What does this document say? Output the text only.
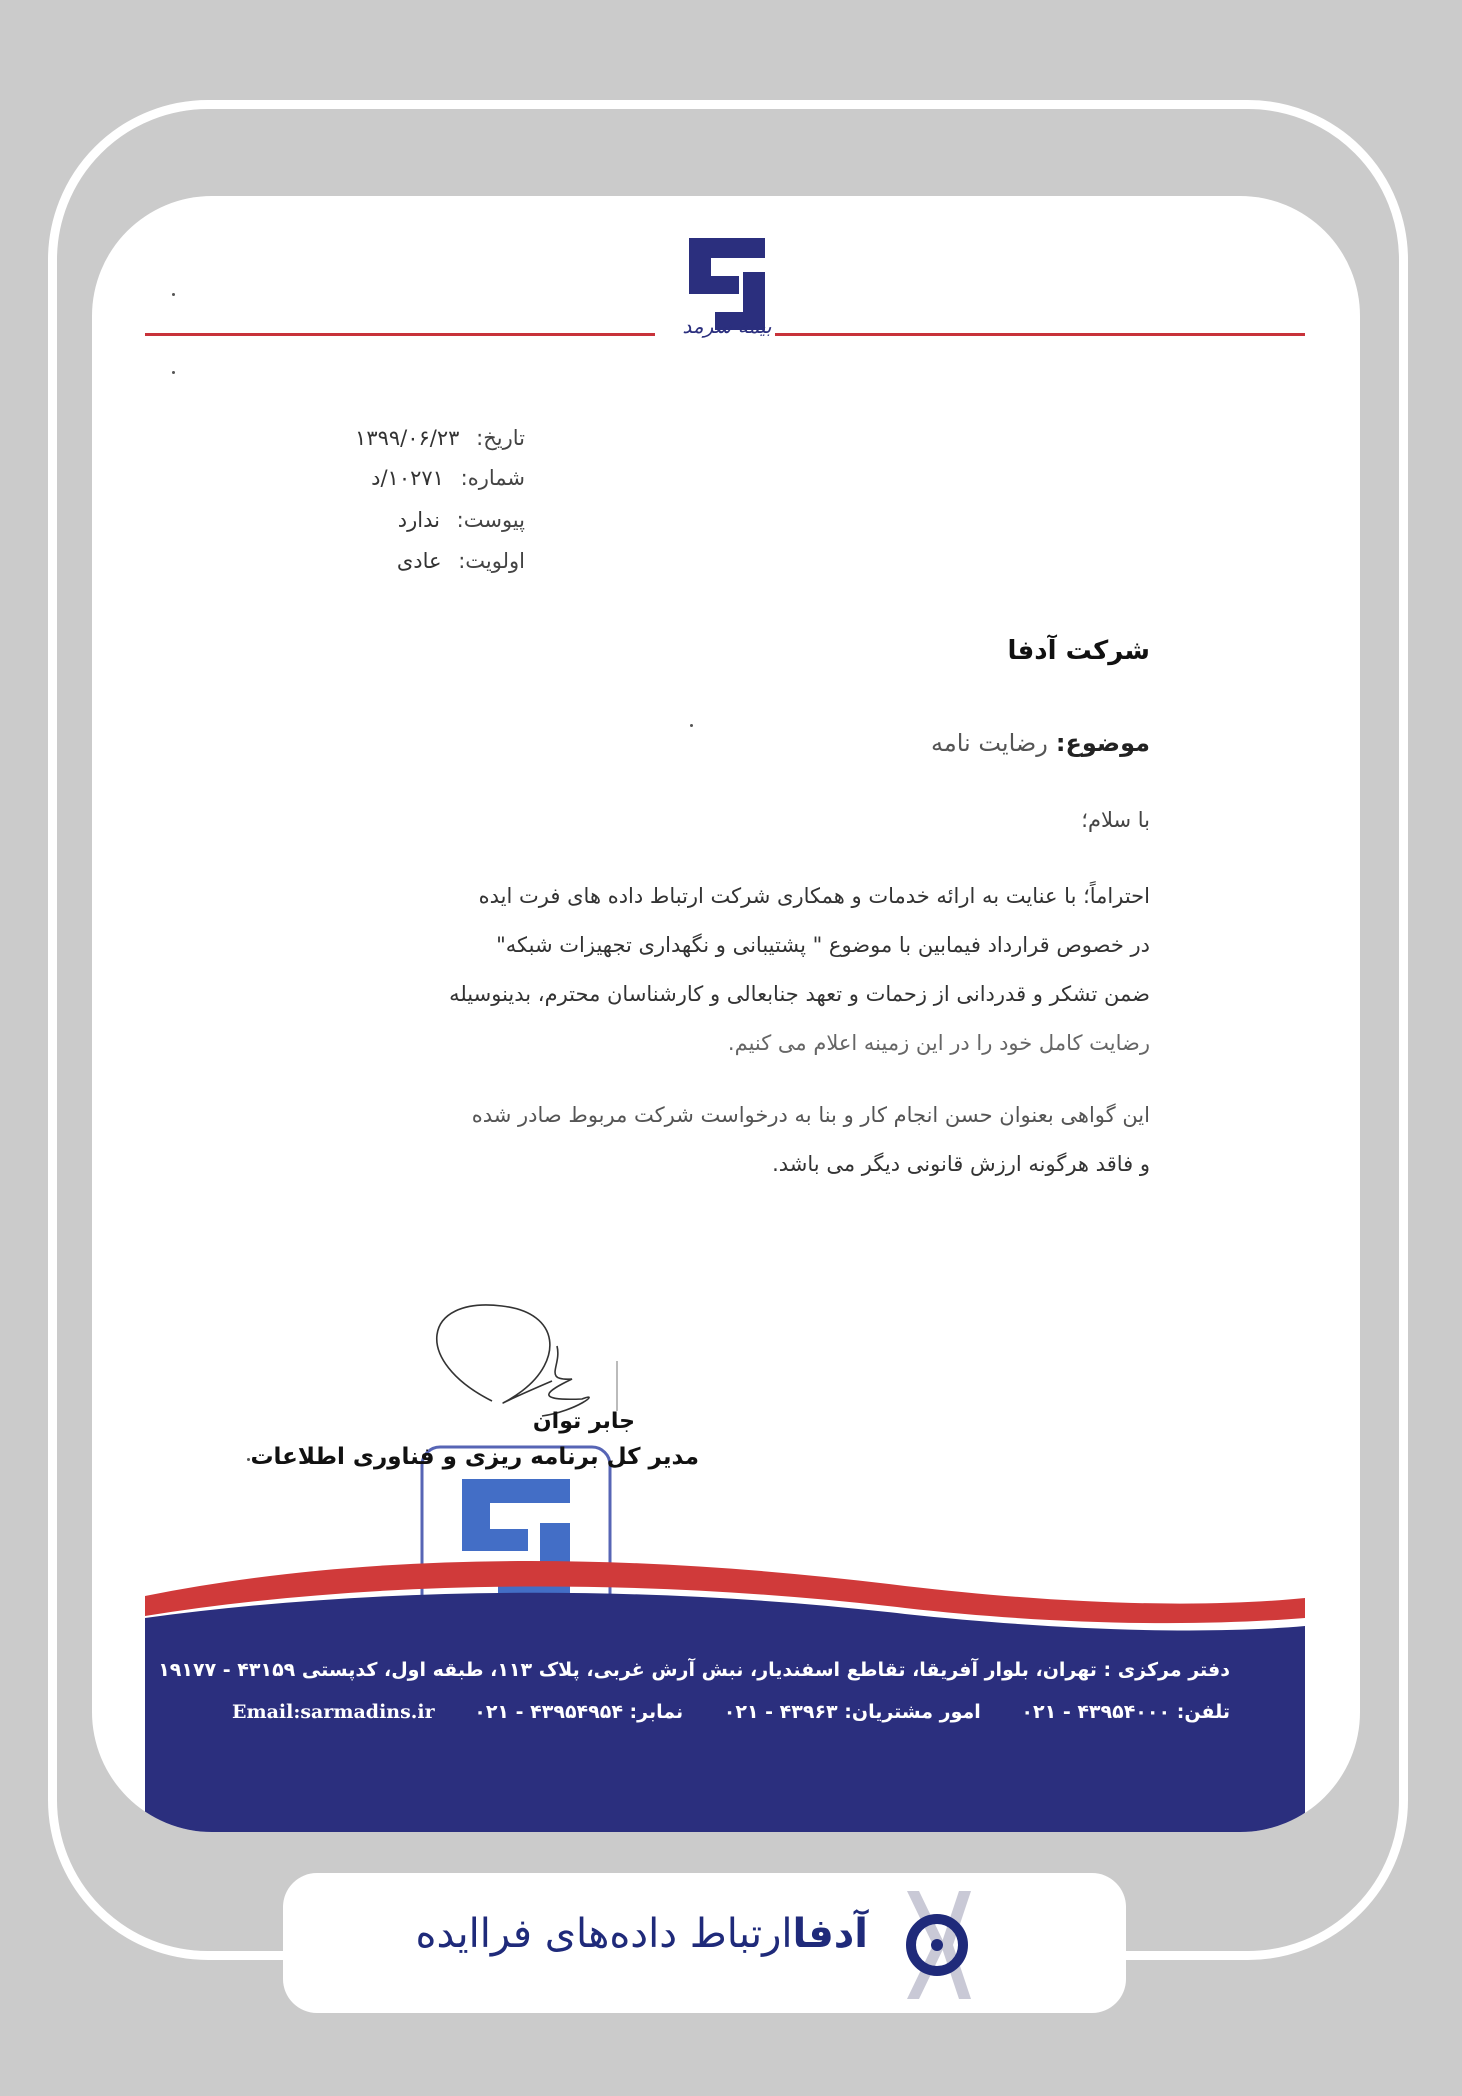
بیمه سرمد
تاریخ: ۱۳۹۹/۰۶/۲۳
شماره: ۱۰۲۷۱/د
پیوست: ندارد
اولویت: عادی
شرکت آدفا
موضوع:رضایت نامه
با سلام؛
احتراماً؛ با عنایت به ارائه خدمات و همکاری شرکت ارتباط داده های فرت ایده
در خصوص قرارداد فیمابین با موضوع " پشتیبانی و نگهداری تجهیزات شبکه"
ضمن تشکر و قدردانی از زحمات و تعهد جنابعالی و کارشناسان محترم، بدینوسیله
رضایت کامل خود را در این زمینه اعلام می کنیم.
این گواهی بعنوان حسن انجام کار و بنا به درخواست شرکت مربوط صادر شده
و فاقد هرگونه ارزش قانونی دیگر می باشد.
جابر توان
مدیر کل برنامه ریزی و فناوری اطلاعات
دفتر مرکزی : تهران، بلوار آفریقا، تقاطع اسفندیار، نبش آرش غربی، پلاک ۱۱۳، طبقه اول، کدپستی ۴۳۱۵۹ - ۱۹۱۷۷
تلفن: ۴۳۹۵۴۰۰۰ - ۰۲۱ امور مشتریان: ۴۳۹۶۳ - ۰۲۱ نمابر: ۴۳۹۵۴۹۵۴ - ۰۲۱
Email:sarmadins.ir
آدفاارتباط داده‌های فراایده
